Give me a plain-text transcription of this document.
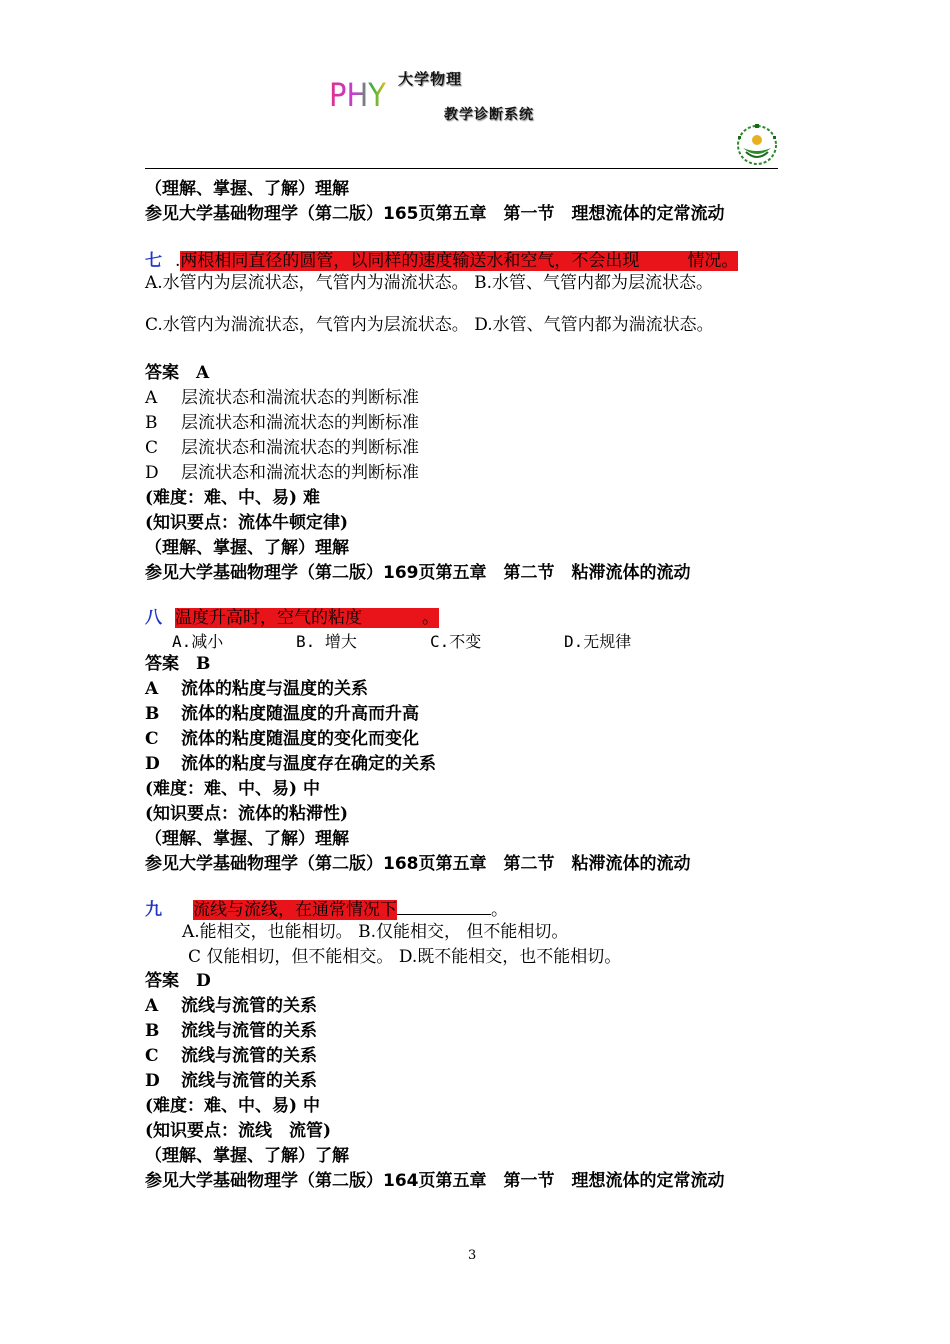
PHY 大学物理
教学诊断系统
（理解、掌握、了解）理解
参见大学基础物理学（第二版）165页第五章　第一节　理想流体的定常流动
七 .两根相同直径的圆管，以同样的速度输送水和空气，不会出现	情况。
A.水管内为层流状态，气管内为湍流状态。 B.水管、气管内都为层流状态。
C.水管内为湍流状态，气管内为层流状态。 D.水管、气管内都为湍流状态。
答案　 A
A 层流状态和湍流状态的判断标准
B 层流状态和湍流状态的判断标准
C 层流状态和湍流状态的判断标准
D 层流状态和湍流状态的判断标准
(难度：难、中、易) 难
(知识要点：流体牛顿定律)
（理解、掌握、了解）理解
参见大学基础物理学（第二版）169页第五章　第二节　粘滞流体的流动
八 温度升高时，空气的粘度	。
A.减小	B. 增大	C.不变	D.无规律
答案　 B
A 流体的粘度与温度的关系
B 流体的粘度随温度的升高而升高
C 流体的粘度随温度的变化而变化
D 流体的粘度与温度存在确定的关系
(难度：难、中、易) 中
(知识要点：流体的粘滞性)
（理解、掌握、了解）理解
参见大学基础物理学（第二版）168页第五章　第二节　粘滞流体的流动
九 流线与流线，在通常情况下	。
A.能相交，也能相切。 B.仅能相交， 但不能相切。
C 仅能相切，但不能相交。 D.既不能相交，也不能相切。
答案　 D
A 流线与流管的关系
B 流线与流管的关系
C 流线与流管的关系
D 流线与流管的关系
(难度：难、中、易) 中
(知识要点：流线　流管)
（理解、掌握、了解）了解
参见大学基础物理学（第二版）164页第五章　第一节　理想流体的定常流动
3
